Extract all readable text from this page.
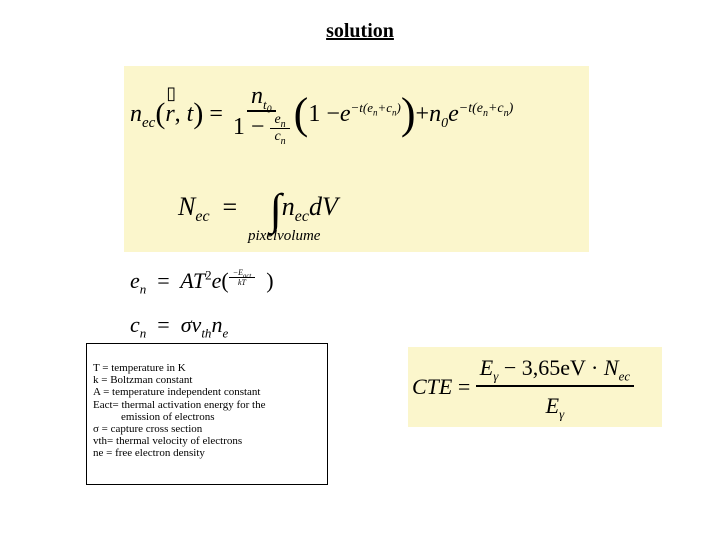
solution
$n_{ec}$ ( r
▯
, t ) = $\frac{n_{t_0}}{1 - \frac{e_n}{c_n}}$ ( $1 - e^{-t(e_n+c_n)}$ ) + $n_0e^{-t(e_n+c_n)}$
$N_{ec}$  =     $\int n_{ec}dV$
pixelvolume
$e_n = AT^2e( \frac{-E_{act}}{kT}$ )
$c_n = \sigma v_{th}n_e$
T = temperature in K
k = Boltzman constant
A = temperature independent constant
Eact= thermal activation energy for the
emission of electrons
σ = capture cross section
vth= thermal velocity of electrons
ne = free electron density
CTE = $\frac{E_\gamma - 3,65eV \cdot N_{ec}}{E_\gamma}$
